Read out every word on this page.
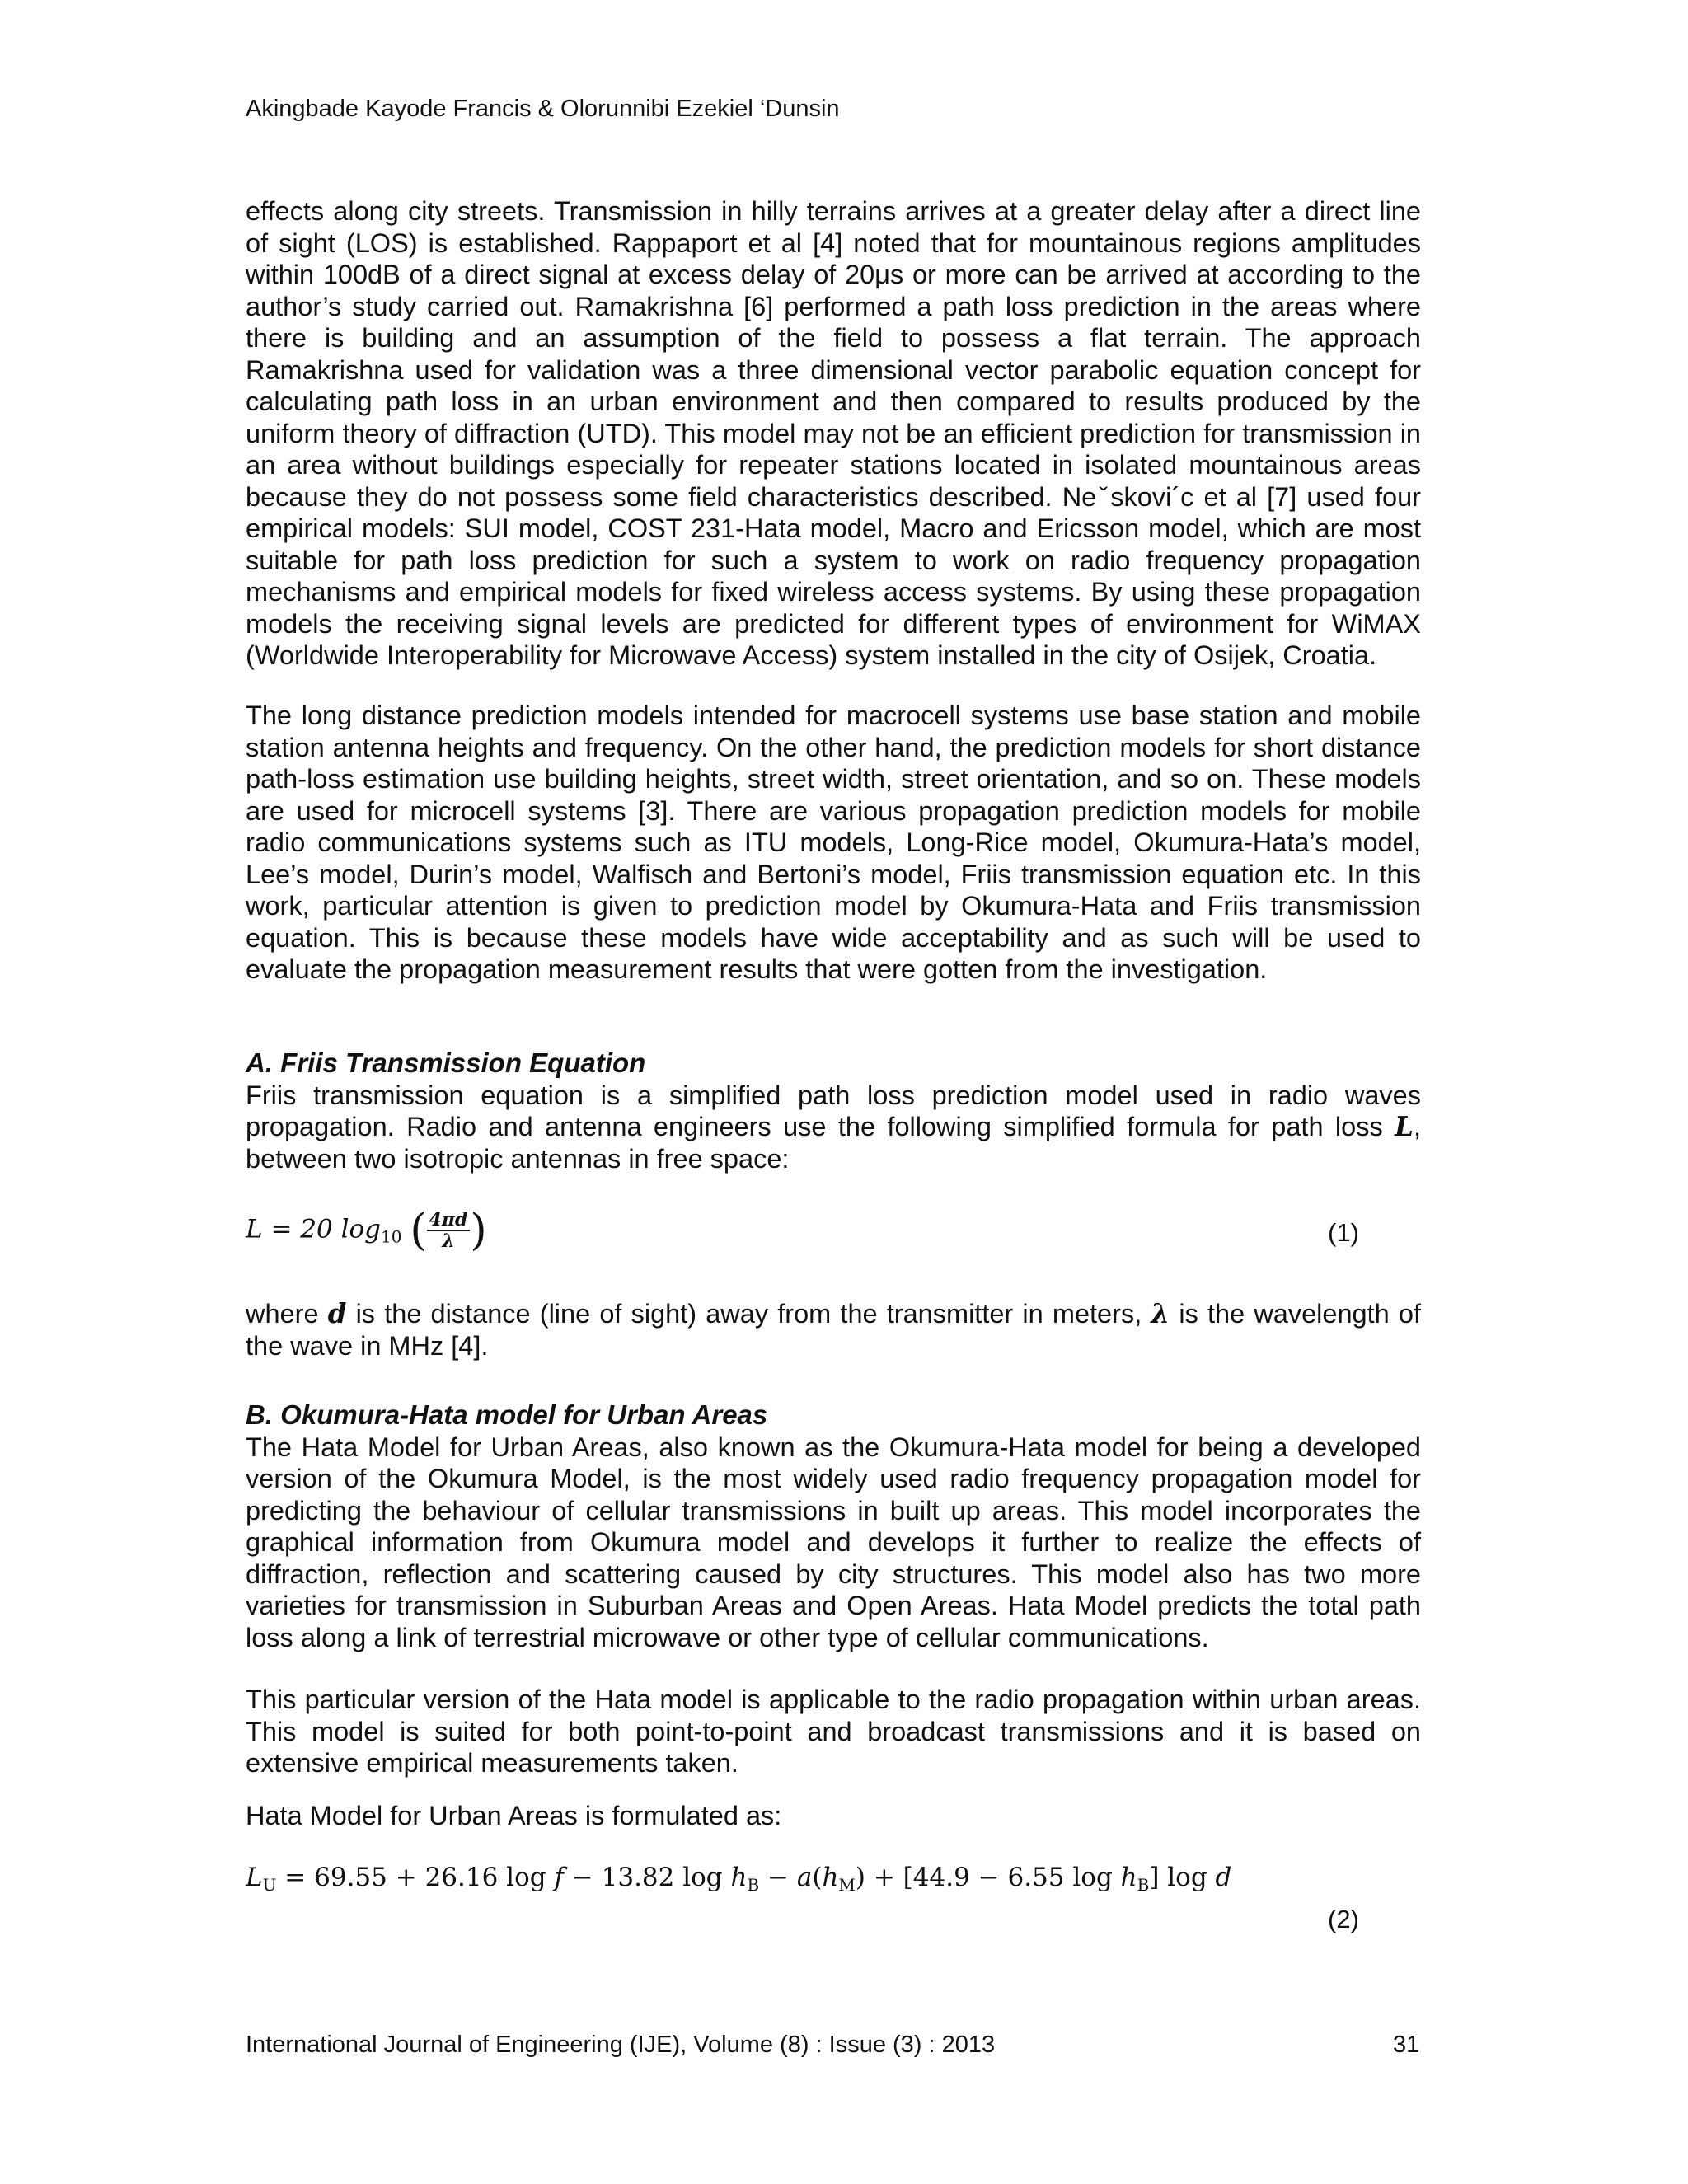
Akingbade Kayode Francis & Olorunnibi Ezekiel ‘Dunsin

effects along city streets. Transmission in hilly terrains arrives at a greater delay after a direct line of sight (LOS) is established. Rappaport et al [4] noted that for mountainous regions amplitudes within 100dB of a direct signal at excess delay of 20μs or more can be arrived at according to the author’s study carried out. Ramakrishna [6] performed a path loss prediction in the areas where there is building and an assumption of the field to possess a flat terrain. The approach Ramakrishna used for validation was a three dimensional vector parabolic equation concept for calculating path loss in an urban environment and then compared to results produced by the uniform theory of diffraction (UTD). This model may not be an efficient prediction for transmission in an area without buildings especially for repeater stations located in isolated mountainous areas because they do not possess some field characteristics described. Neˇskovi´c et al [7] used four empirical models: SUI model, COST 231-Hata model, Macro and Ericsson model, which are most suitable for path loss prediction for such a system to work on radio frequency propagation mechanisms and empirical models for fixed wireless access systems. By using these propagation models the receiving signal levels are predicted for different types of environment for WiMAX (Worldwide Interoperability for Microwave Access) system installed in the city of Osijek, Croatia.

The long distance prediction models intended for macrocell systems use base station and mobile station antenna heights and frequency. On the other hand, the prediction models for short distance path-loss estimation use building heights, street width, street orientation, and so on. These models are used for microcell systems [3]. There are various propagation prediction models for mobile radio communications systems such as ITU models, Long-Rice model, Okumura-Hata’s model, Lee’s model, Durin’s model, Walfisch and Bertoni’s model, Friis transmission equation etc. In this work, particular attention is given to prediction model by Okumura-Hata and Friis transmission equation. This is because these models have wide acceptability and as such will be used to evaluate the propagation measurement results that were gotten from the investigation.

A. Friis Transmission Equation

Friis transmission equation is a simplified path loss prediction model used in radio waves propagation. Radio and antenna engineers use the following simplified formula for path loss L, between two isotropic antennas in free space:

L = 20 $\log_{10}$ ( $\frac{4\pi d}{\lambda}$ )	(1)

where d is the distance (line of sight) away from the transmitter in meters, λ is the wavelength of the wave in MHz [4].

B. Okumura-Hata model for Urban Areas

The Hata Model for Urban Areas, also known as the Okumura-Hata model for being a developed version of the Okumura Model, is the most widely used radio frequency propagation model for predicting the behaviour of cellular transmissions in built up areas. This model incorporates the graphical information from Okumura model and develops it further to realize the effects of diffraction, reflection and scattering caused by city structures. This model also has two more varieties for transmission in Suburban Areas and Open Areas. Hata Model predicts the total path loss along a link of terrestrial microwave or other type of cellular communications.

This particular version of the Hata model is applicable to the radio propagation within urban areas. This model is suited for both point-to-point and broadcast transmissions and it is based on extensive empirical measurements taken.

Hata Model for Urban Areas is formulated as:

$L_U = 69.55 + 26.16$ log f − 13.82 $\log h_B - a(h_M) + [44.9 - 6.55$ $\log h_B$] log d
(2)
International Journal of Engineering (IJE), Volume (8) : Issue (3) : 2013	31
